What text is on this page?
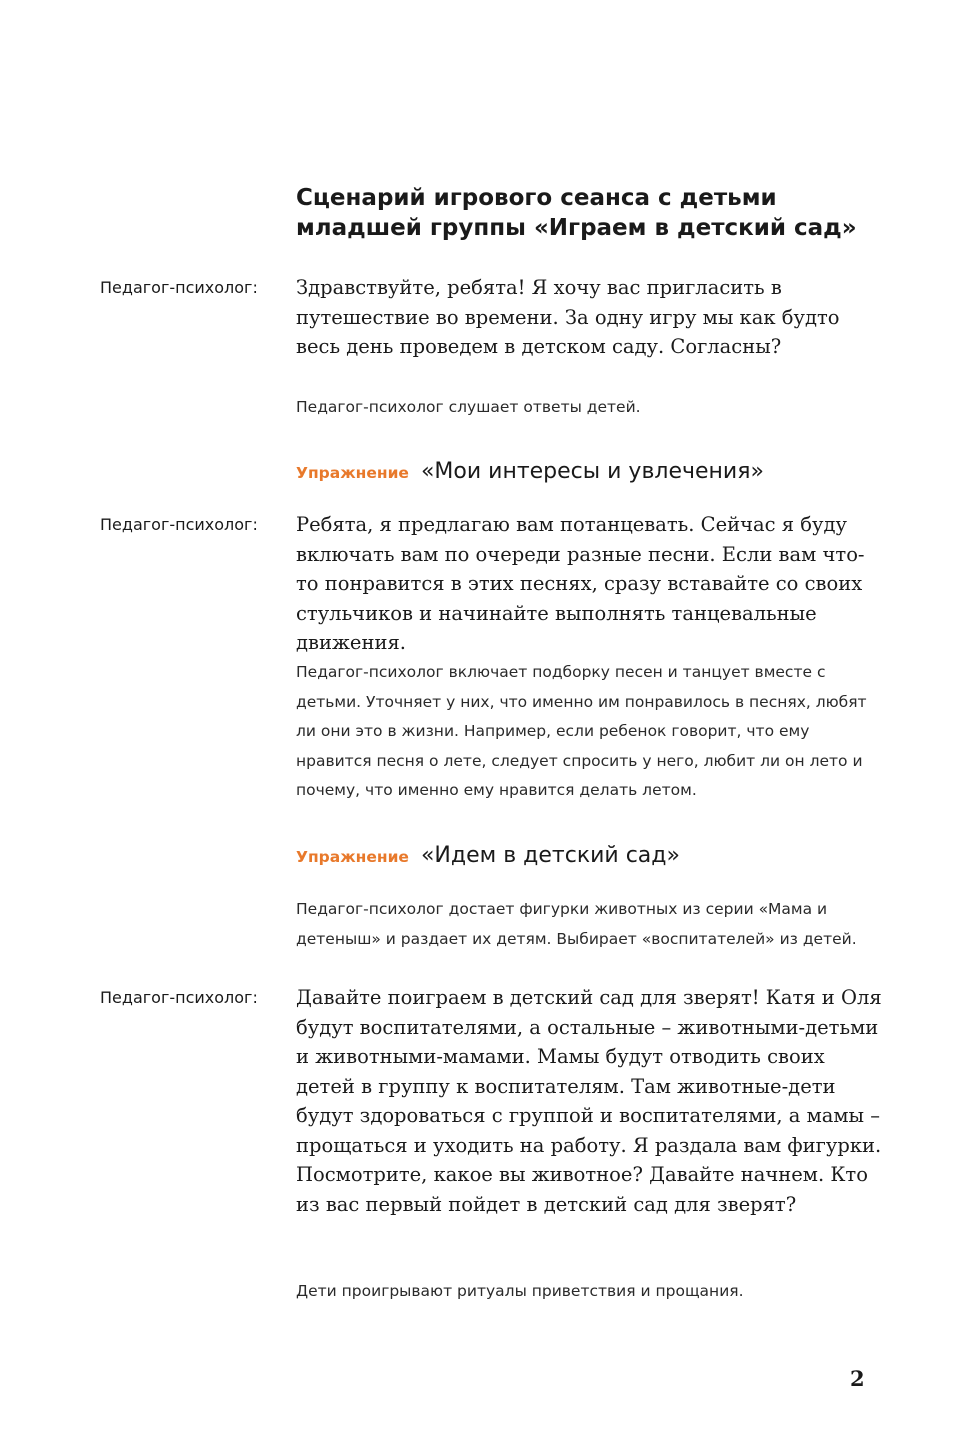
Сценарий игрового сеанса с детьми младшей группы «Играем в детский сад»
Педагог-психолог: Здравствуйте, ребята! Я хочу вас пригласить в путешествие во времени. За одну игру мы как будто весь день проведем в детском саду. Согласны?

Педагог-психолог слушает ответы детей.

Упражнение «Мои интересы и увлечения»
Педагог-психолог: Ребята, я предлагаю вам потанцевать. Сейчас я буду включать вам по очереди разные песни. Если вам что-то понравится в этих песнях, сразу вставайте со своих стульчиков и начинайте выполнять танцевальные движения.

Педагог-психолог включает подборку песен и танцует вместе с детьми. Уточняет у них, что именно им понравилось в песнях, любят ли они это в жизни. Например, если ребенок говорит, что ему нравится песня о лете, следует спросить у него, любит ли он лето и почему, что именно ему нравится делать летом.

Упражнение «Идем в детский сад»

Педагог-психолог достает фигурки животных из серии «Мама и детеныш» и раздает их детям. Выбирает «воспитателей» из детей.

Педагог-психолог: Давайте поиграем в детский сад для зверят! Катя и Оля будут воспитателями, а остальные – животными-детьми и животными-мамами. Мамы будут отводить своих детей в группу к воспитателям. Там животные-дети будут здороваться с группой и воспитателями, а мамы – прощаться и уходить на работу. Я раздала вам фигурки. Посмотрите, какое вы животное? Давайте начнем. Кто из вас первый пойдет в детский сад для зверят?

Дети проигрывают ритуалы приветствия и прощания.

2
